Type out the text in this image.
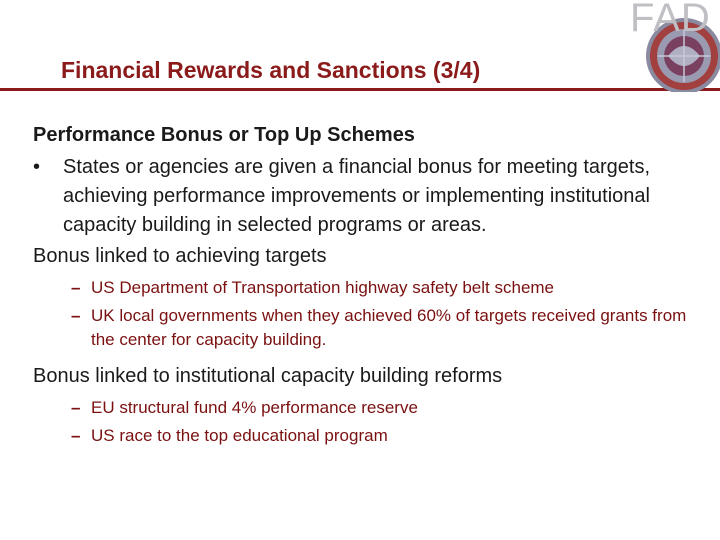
Financial Rewards and Sanctions (3/4)
FAD
Performance Bonus or Top Up Schemes
•	States or agencies are given a financial bonus for meeting targets, achieving performance improvements or implementing institutional capacity building in selected programs or areas.
Bonus linked to achieving targets
– US Department of Transportation highway safety belt scheme
– UK local governments when they achieved 60% of targets received grants from the center for capacity building.
Bonus linked to institutional capacity building reforms
– EU structural fund 4% performance reserve
– US race to the top educational program
